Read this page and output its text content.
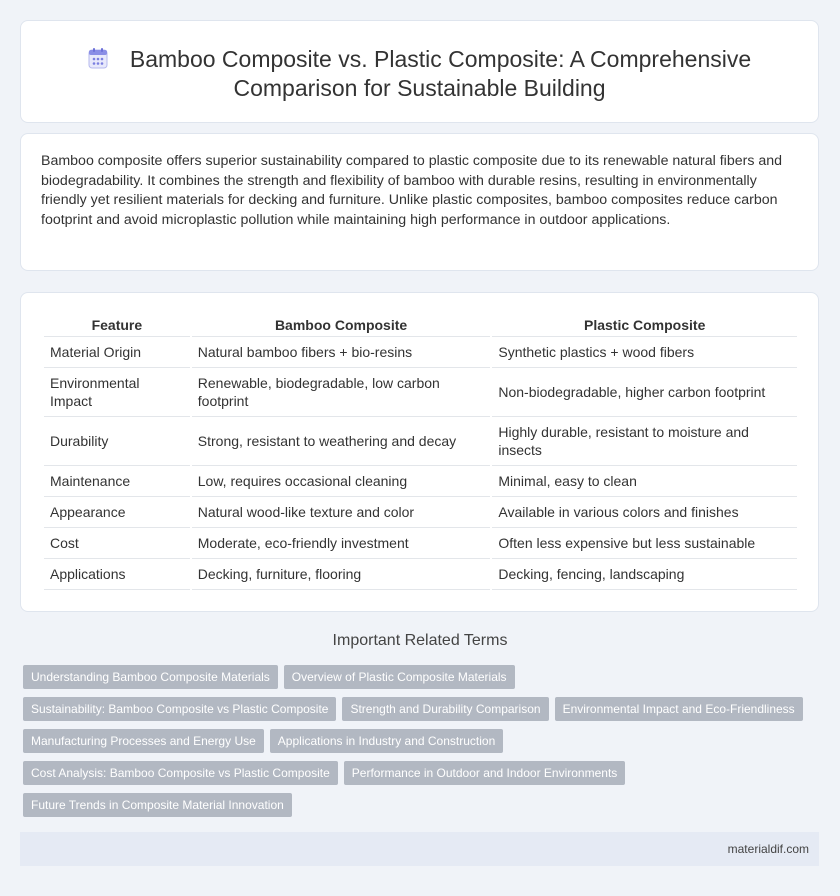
Bamboo Composite vs. Plastic Composite: A Comprehensive Comparison for Sustainable Building

Bamboo composite offers superior sustainability compared to plastic composite due to its renewable natural fibers and biodegradability. It combines the strength and flexibility of bamboo with durable resins, resulting in environmentally friendly yet resilient materials for decking and furniture. Unlike plastic composites, bamboo composites reduce carbon footprint and avoid microplastic pollution while maintaining high performance in outdoor applications.

Feature	Bamboo Composite	Plastic Composite
Material Origin	Natural bamboo fibers + bio-resins	Synthetic plastics + wood fibers
Environmental Impact	Renewable, biodegradable, low carbon footprint	Non-biodegradable, higher carbon footprint
Durability	Strong, resistant to weathering and decay	Highly durable, resistant to moisture and insects
Maintenance	Low, requires occasional cleaning	Minimal, easy to clean
Appearance	Natural wood-like texture and color	Available in various colors and finishes
Cost	Moderate, eco-friendly investment	Often less expensive but less sustainable
Applications	Decking, furniture, flooring	Decking, fencing, landscaping
Important Related Terms
Understanding Bamboo Composite Materials Overview of Plastic Composite Materials
Sustainability: Bamboo Composite vs Plastic Composite Strength and Durability Comparison Environmental Impact and Eco-Friendliness
Manufacturing Processes and Energy Use Applications in Industry and Construction
Cost Analysis: Bamboo Composite vs Plastic Composite Performance in Outdoor and Indoor Environments
Future Trends in Composite Material Innovation
materialdif.com
